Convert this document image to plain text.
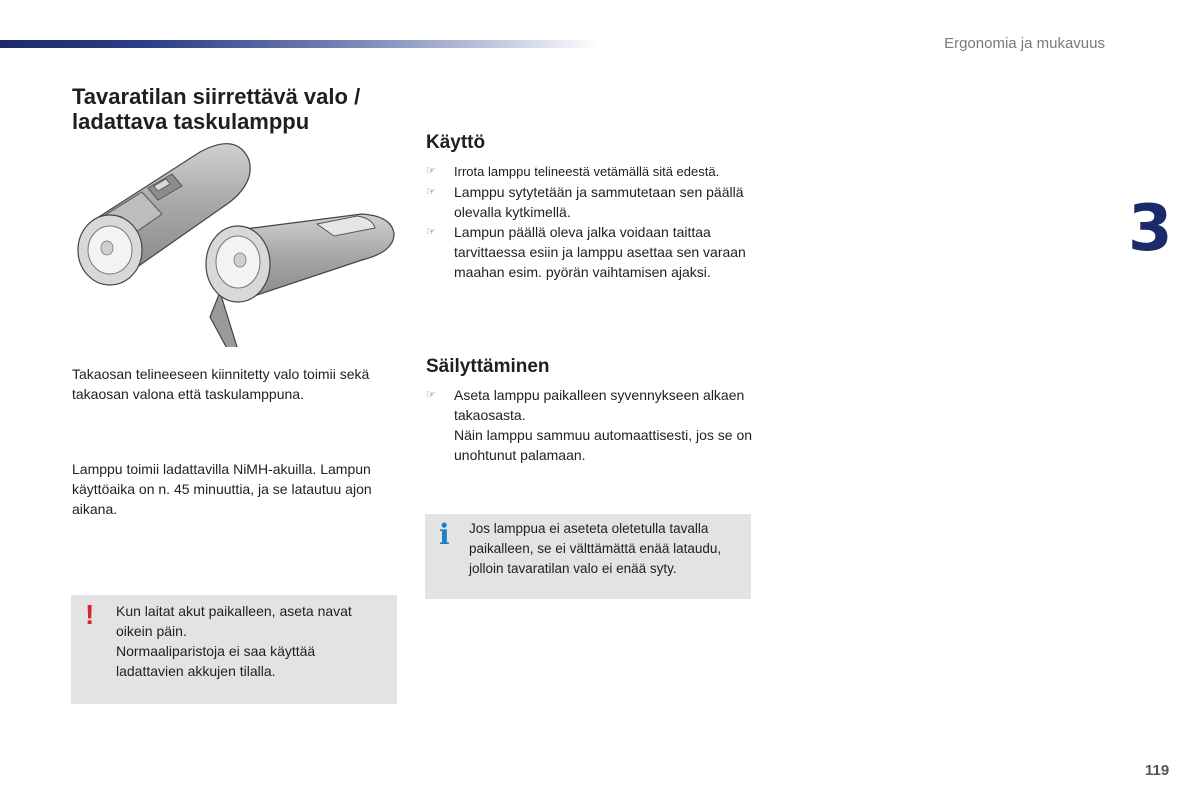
Ergonomia ja mukavuus
3
119
Tavaratilan siirrettävä valo / ladattava taskulamppu

Takaosan telineeseen kiinnitetty valo toimii sekä takaosan valona että taskulamppuna.

Lamppu toimii ladattavilla NiMH-akuilla. Lampun käyttöaika on n. 45 minuuttia, ja se latautuu ajon aikana.

! Kun laitat akut paikalleen, aseta navat oikein päin.
Normaaliparistoja ei saa käyttää ladattavien akkujen tilalla.
Käyttö
☞ Irrota lamppu telineestä vetämällä sitä edestä.
☞ Lamppu sytytetään ja sammutetaan sen päällä olevalla kytkimellä.
☞ Lampun päällä oleva jalka voidaan taittaa tarvittaessa esiin ja lamppu asettaa sen varaan maahan esim. pyörän vaihtamisen ajaksi.
Säilyttäminen
☞ Aseta lamppu paikalleen syvennykseen alkaen takaosasta.
Näin lamppu sammuu automaattisesti, jos se on unohtunut palamaan.
i Jos lamppua ei aseteta oletetulla tavalla paikalleen, se ei välttämättä enää lataudu, jolloin tavaratilan valo ei enää syty.
